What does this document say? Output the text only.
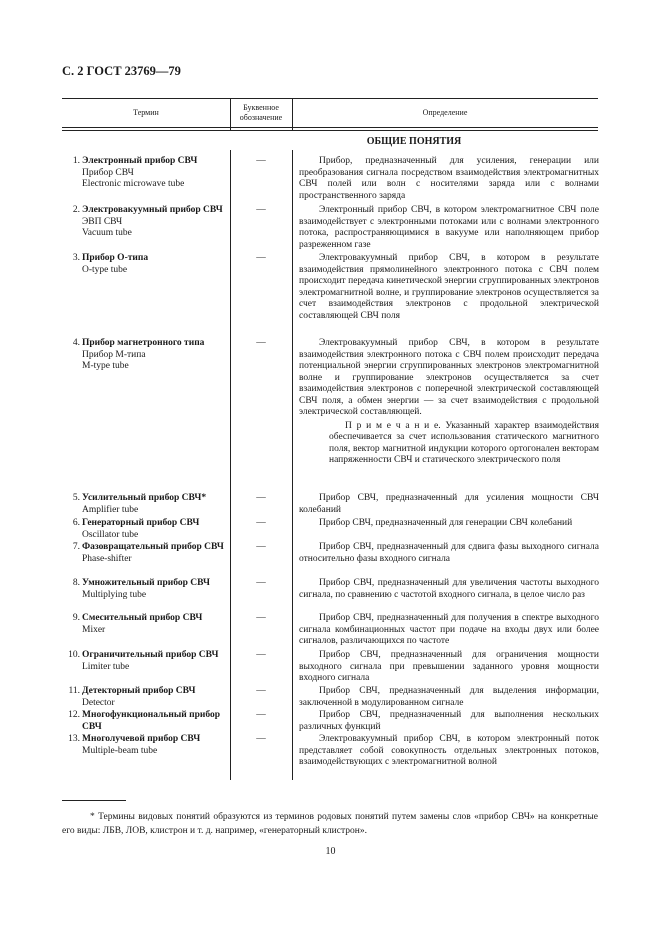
С. 2 ГОСТ 23769—79
Термин
Буквенное обозначение
Определение
ОБЩИЕ ПОНЯТИЯ
1. Электронный прибор СВЧ
Прибор СВЧ
Electronic microwave tube
—	Прибор, предназначенный для усиления, генерации или преобразования сигнала посредством взаимодействия электромагнитных СВЧ полей или волн с носителями заряда или с волнами пространственного заряда

2. Электровакуумный прибор СВЧ
ЭВП СВЧ
Vacuum tube
—	Электронный прибор СВЧ, в котором электромагнитное СВЧ поле взаимодействует с электронными потоками или с волнами электронного потока, распространяющимися в вакууме или наполняющем прибор разреженном газе

3. Прибор О-типа
O-type tube
—	Электровакуумный прибор СВЧ, в котором в результате взаимодействия прямолинейного электронного потока с СВЧ полем происходит передача кинетической энергии сгруппированных электронов электромагнитной волне, и группирование электронов осуществляется за счет взаимодействия электронов с продольной электрической составляющей СВЧ поля

4. Прибор магнетронного типа
Прибор М-типа
M-type tube
—	Электровакуумный прибор СВЧ, в котором в результате взаимодействия электронного потока с СВЧ полем происходит передача потенциальной энергии сгруппированных электронов электромагнитной волне и группирование электронов осуществляется за счет взаимодействия электронов с поперечной электрической составляющей СВЧ поля, а обмен энергии — за счет взаимодействия с продольной электрической составляющей.

П р и м е ч а н и е. Указанный характер взаимодействия обеспечивается за счет использования статического магнитного поля, вектор магнитной индукции которого ортогонален векторам напряженности СВЧ и статического электрического поля

5. Усилительный прибор СВЧ*
Amplifier tube
—	Прибор СВЧ, предназначенный для усиления мощности СВЧ колебаний

6. Генераторный прибор СВЧ
Oscillator tube
—	Прибор СВЧ, предназначенный для генерации СВЧ колебаний

7. Фазовращательный прибор СВЧ
Phase-shifter
—	Прибор СВЧ, предназначенный для сдвига фазы выходного сигнала относительно фазы входного сигнала

8. Умножительный прибор СВЧ
Multiplying tube
—	Прибор СВЧ, предназначенный для увеличения частоты выходного сигнала, по сравнению с частотой входного сигнала, в целое число раз

9. Смесительный прибор СВЧ
Mixer
—	Прибор СВЧ, предназначенный для получения в спектре выходного сигнала комбинационных частот при подаче на входы двух или более сигналов, различающихся по частоте

10. Ограничительный прибор СВЧ
Limiter tube
—	Прибор СВЧ, предназначенный для ограничения мощности выходного сигнала при превышении заданного уровня мощности входного сигнала

11. Детекторный прибор СВЧ
Detector
—	Прибор СВЧ, предназначенный для выделения информации, заключенной в модулированном сигнале

12. Многофункциональный прибор СВЧ
—	Прибор СВЧ, предназначенный для выполнения нескольких различных функций

13. Многолучевой прибор СВЧ
Multiple-beam tube
—	Электровакуумный прибор СВЧ, в котором электронный поток представляет собой совокупность отдельных электронных потоков, взаимодействующих с электромагнитной волной

* Термины видовых понятий образуются из терминов родовых понятий путем замены слов «прибор СВЧ» на конкретные его виды: ЛБВ, ЛОВ, клистрон и т. д. например, «генераторный клистрон».
10
